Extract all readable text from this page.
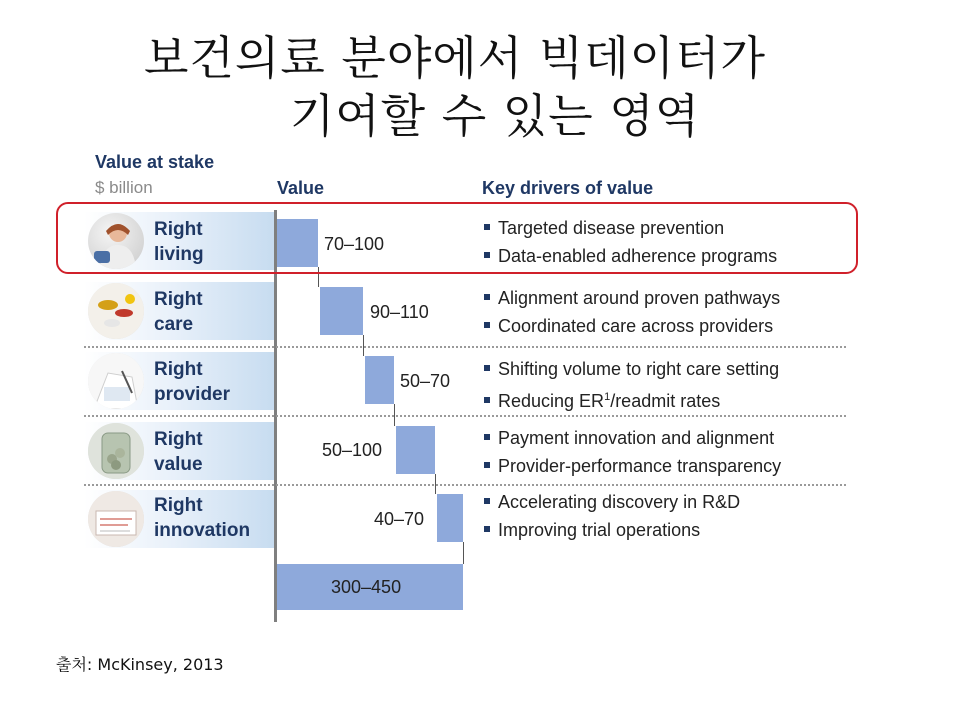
보건의료 분야에서 빅데이터가
기여할 수 있는 영역
Value at stake
$ billion	Value	Key drivers of value
Right
living
Right
care
Right
provider
Right
value
Right
innovation
70–100
90–110
50–70
50–100
40–70
300–450
Targeted disease prevention
Data-enabled adherence programs
Alignment around proven pathways
Coordinated care across providers
Shifting volume to right care setting
Reducing $ER^1$/readmit rates
Payment innovation and alignment
Provider-performance transparency
Accelerating discovery in R&D
Improving trial operations
출처: McKinsey, 2013
